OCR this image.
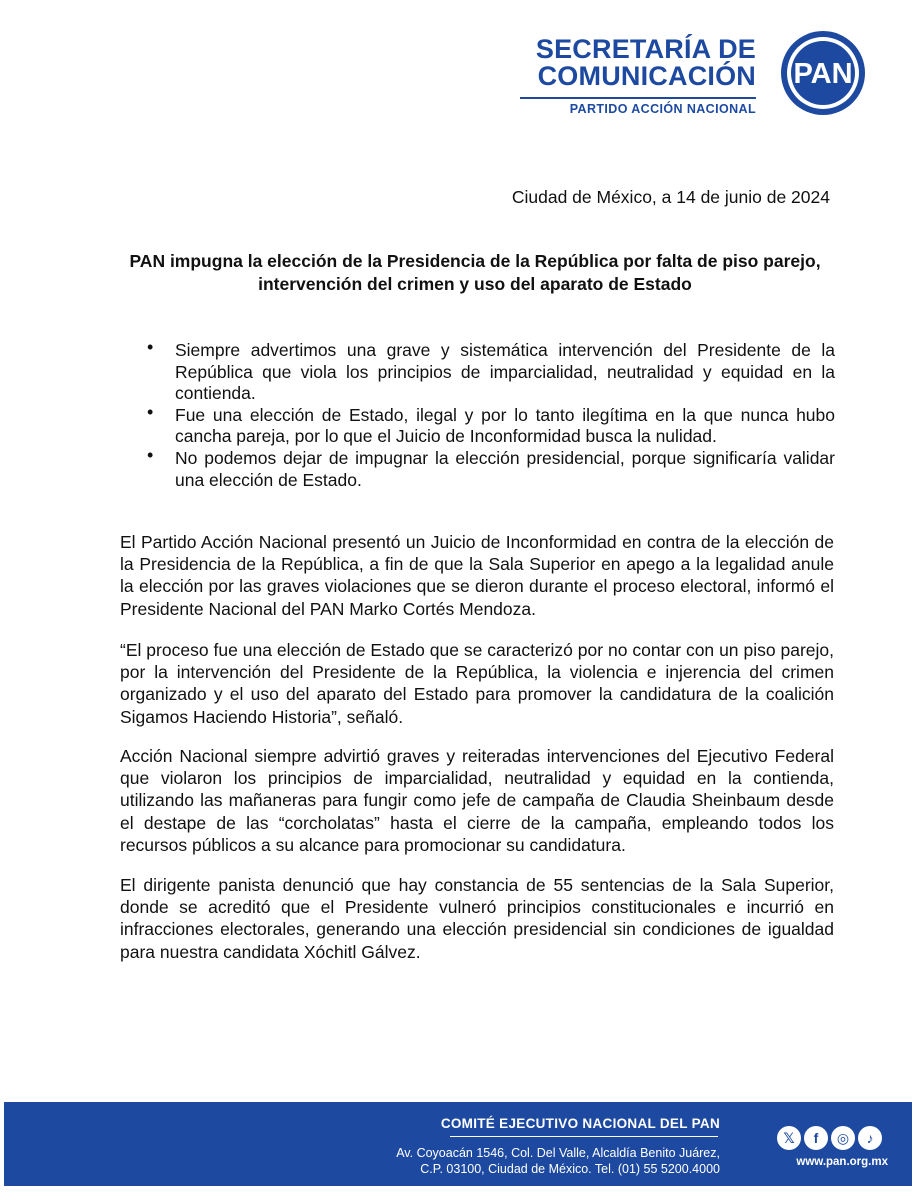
SECRETARÍA DE
COMUNICACIÓN
PARTIDO ACCIÓN NACIONAL
PAN
Ciudad de México, a 14 de junio de 2024
PAN impugna la elección de la Presidencia de la República por falta de piso parejo, intervención del crimen y uso del aparato de Estado
• Siempre advertimos una grave y sistemática intervención del Presidente de la República que viola los principios de imparcialidad, neutralidad y equidad en la contienda.
• Fue una elección de Estado, ilegal y por lo tanto ilegítima en la que nunca hubo cancha pareja, por lo que el Juicio de Inconformidad busca la nulidad.
• No podemos dejar de impugnar la elección presidencial, porque significaría validar una elección de Estado.

El Partido Acción Nacional presentó un Juicio de Inconformidad en contra de la elección de la Presidencia de la República, a fin de que la Sala Superior en apego a la legalidad anule la elección por las graves violaciones que se dieron durante el proceso electoral, informó el Presidente Nacional del PAN Marko Cortés Mendoza.

“El proceso fue una elección de Estado que se caracterizó por no contar con un piso parejo, por la intervención del Presidente de la República, la violencia e injerencia del crimen organizado y el uso del aparato del Estado para promover la candidatura de la coalición Sigamos Haciendo Historia”, señaló.

Acción Nacional siempre advirtió graves y reiteradas intervenciones del Ejecutivo Federal que violaron los principios de imparcialidad, neutralidad y equidad en la contienda, utilizando las mañaneras para fungir como jefe de campaña de Claudia Sheinbaum desde el destape de las “corcholatas” hasta el cierre de la campaña, empleando todos los recursos públicos a su alcance para promocionar su candidatura.

El dirigente panista denunció que hay constancia de 55 sentencias de la Sala Superior, donde se acreditó que el Presidente vulneró principios constitucionales e incurrió en infracciones electorales, generando una elección presidencial sin condiciones de igualdad para nuestra candidata Xóchitl Gálvez.

COMITÉ EJECUTIVO NACIONAL DEL PAN
Av. Coyoacán 1546, Col. Del Valle, Alcaldía Benito Juárez,
C.P. 03100, Ciudad de México. Tel. (01) 55 5200.4000
𝕏	f	◎	♪
www.pan.org.mx
